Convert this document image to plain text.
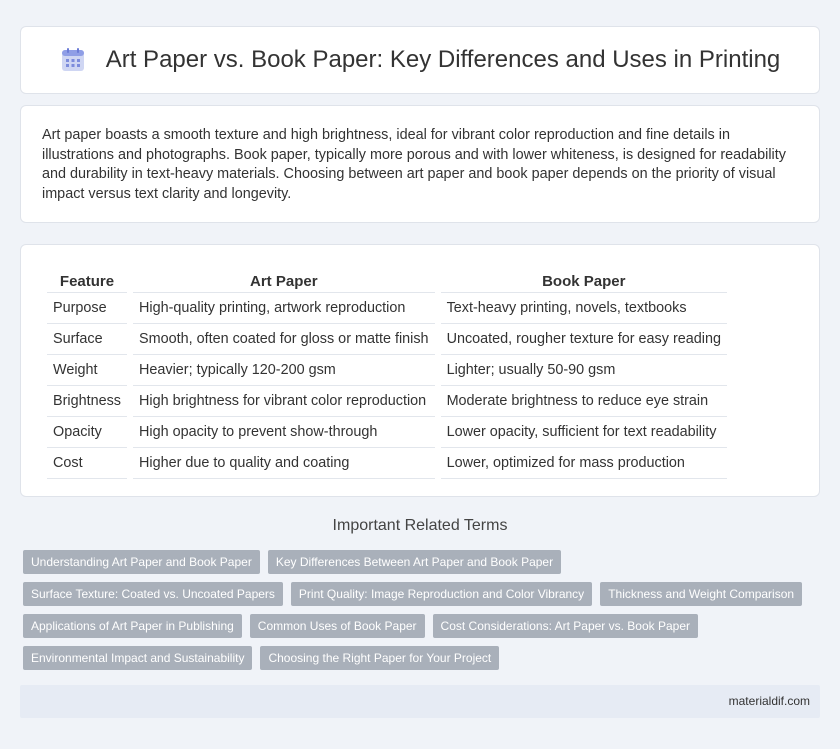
Art Paper vs. Book Paper: Key Differences and Uses in Printing

Art paper boasts a smooth texture and high brightness, ideal for vibrant color reproduction and fine details in illustrations and photographs. Book paper, typically more porous and with lower whiteness, is designed for readability and durability in text-heavy materials. Choosing between art paper and book paper depends on the priority of visual impact versus text clarity and longevity.

Feature	Art Paper	Book Paper
Purpose	High-quality printing, artwork reproduction	Text-heavy printing, novels, textbooks
Surface	Smooth, often coated for gloss or matte finish	Uncoated, rougher texture for easy reading
Weight	Heavier; typically 120-200 gsm	Lighter; usually 50-90 gsm
Brightness	High brightness for vibrant color reproduction	Moderate brightness to reduce eye strain
Opacity	High opacity to prevent show-through	Lower opacity, sufficient for text readability
Cost	Higher due to quality and coating	Lower, optimized for mass production
Important Related Terms
Understanding Art Paper and Book Paper	Key Differences Between Art Paper and Book Paper
Surface Texture: Coated vs. Uncoated Papers	Print Quality: Image Reproduction and Color Vibrancy	Thickness and Weight Comparison
Applications of Art Paper in Publishing	Common Uses of Book Paper	Cost Considerations: Art Paper vs. Book Paper
Environmental Impact and Sustainability	Choosing the Right Paper for Your Project
materialdif.com
